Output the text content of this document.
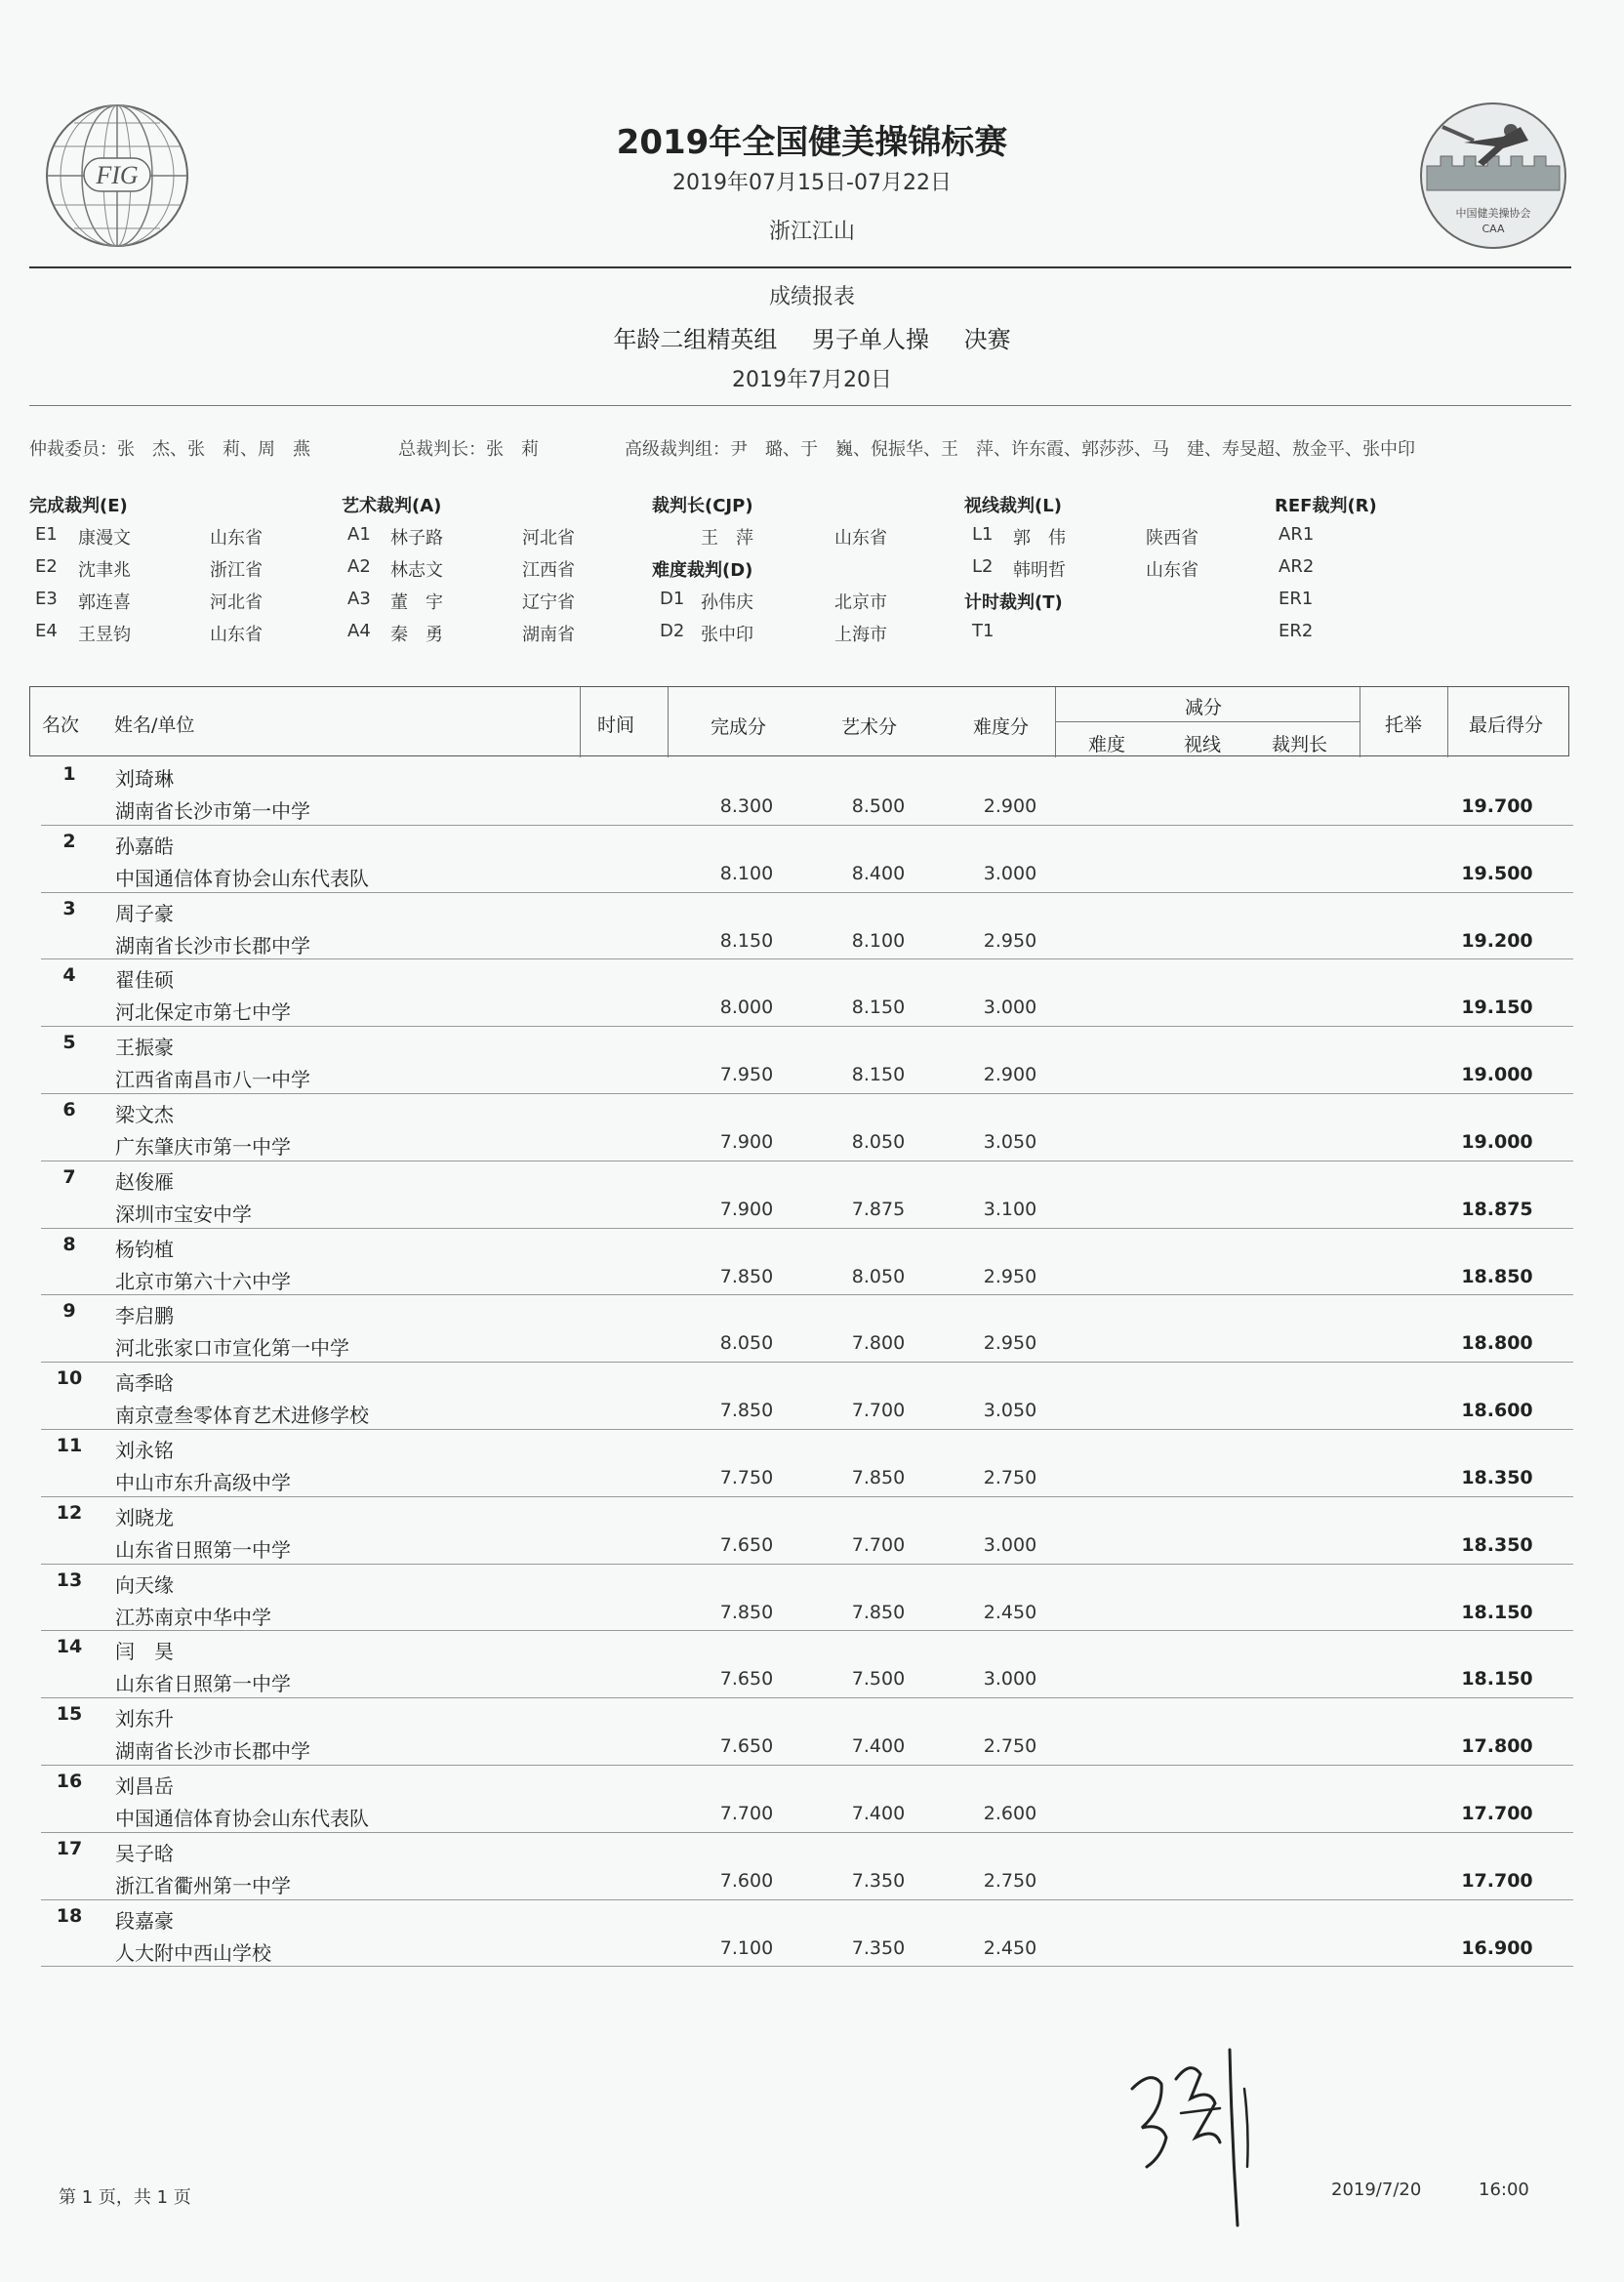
FIG
中国健美操协会
CAA
2019年全国健美操锦标赛
2019年07月15日-07月22日
浙江江山
成绩报表
年龄二组精英组 男子单人操 决赛
2019年7月20日
仲裁委员：张　杰、张　莉、周　燕	总裁判长：张　莉	高级裁判组：尹　璐、于　巍、倪振华、王　萍、许东霞、郭莎莎、马　建、寿旻超、敖金平、张中印
完成裁判(E)
E1 康漫文	山东省
E2 沈聿兆	浙江省
E3 郭连喜	河北省
E4 王昱钧	山东省
艺术裁判(A)
A1 林子路	河北省
A2 林志文	江西省
A3 董　宇	辽宁省
A4 秦　勇	湖南省
裁判长(CJP)
王　萍	山东省
难度裁判(D)
D1 孙伟庆	北京市
D2 张中印	上海市
视线裁判(L)
L1 郭　伟	陕西省
L2 韩明哲	山东省
计时裁判(T)
T1
REF裁判(R)
AR1
AR2
ER1
ER2
名次 姓名/单位	时间	完成分	艺术分	难度分
减分
难度	视线	裁判长
托举	最后得分
1	刘琦琳
湖南省长沙市第一中学	8.300	8.500	2.900	19.700
2	孙嘉皓
中国通信体育协会山东代表队	8.100	8.400	3.000	19.500
3	周子豪
湖南省长沙市长郡中学	8.150	8.100	2.950	19.200
4	翟佳硕
河北保定市第七中学	8.000	8.150	3.000	19.150
5	王振豪
江西省南昌市八一中学	7.950	8.150	2.900	19.000
6	梁文杰
广东肇庆市第一中学	7.900	8.050	3.050	19.000
7	赵俊雁
深圳市宝安中学	7.900	7.875	3.100	18.875
8	杨钧植
北京市第六十六中学	7.850	8.050	2.950	18.850
9	李启鹏
河北张家口市宣化第一中学	8.050	7.800	2.950	18.800
10	高季晗
南京壹叁零体育艺术进修学校	7.850	7.700	3.050	18.600
11	刘永铭
中山市东升高级中学	7.750	7.850	2.750	18.350
12	刘晓龙
山东省日照第一中学	7.650	7.700	3.000	18.350
13	向天缘
江苏南京中华中学	7.850	7.850	2.450	18.150
14	闫　昊
山东省日照第一中学	7.650	7.500	3.000	18.150
15	刘东升
湖南省长沙市长郡中学	7.650	7.400	2.750	17.800
16	刘昌岳
中国通信体育协会山东代表队	7.700	7.400	2.600	17.700
17	吴子晗
浙江省衢州第一中学	7.600	7.350	2.750	17.700
18	段嘉豪
人大附中西山学校	7.100	7.350	2.450	16.900
第 1 页，共 1 页	2019/7/20	16:00
